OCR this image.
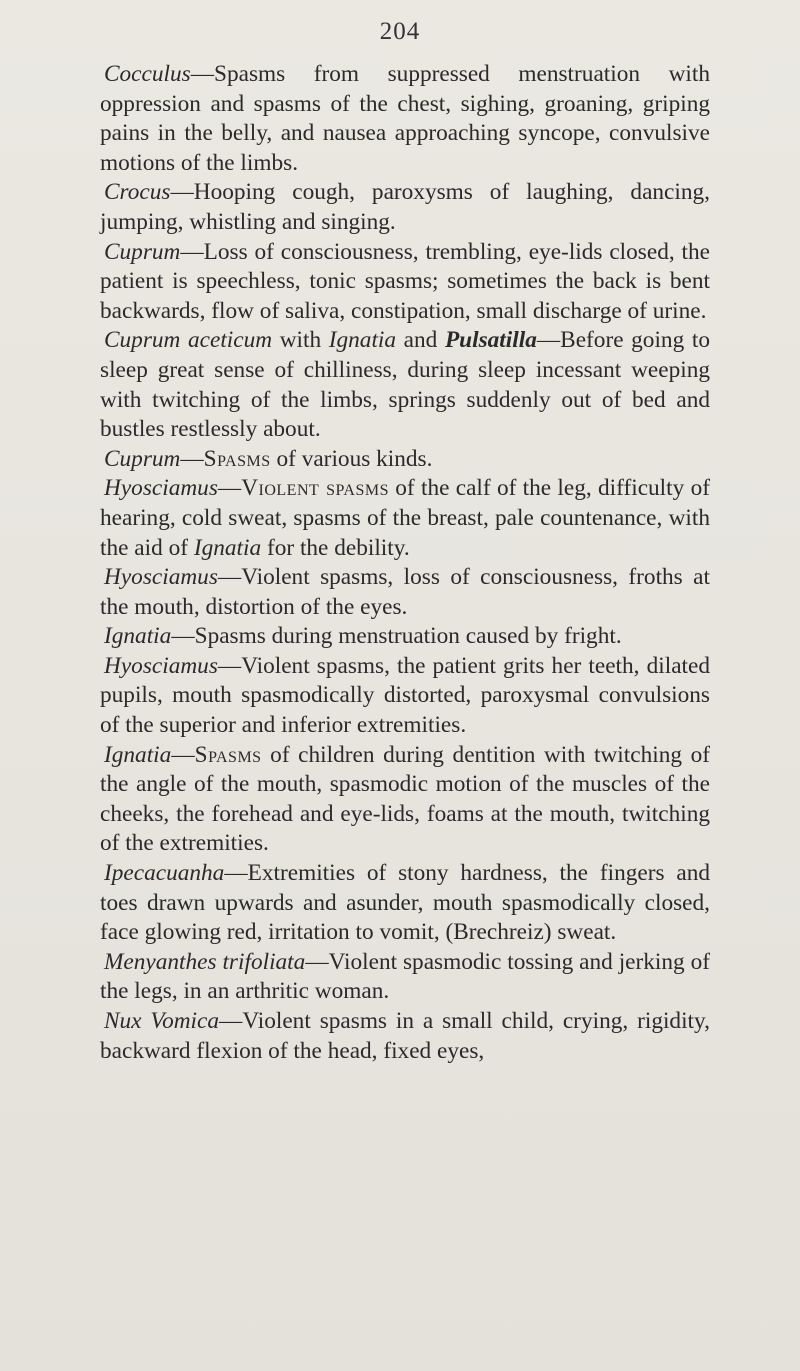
204

Cocculus—Spasms from suppressed menstruation with oppression and spasms of the chest, sighing, groaning, griping pains in the belly, and nausea approaching syncope, convulsive motions of the limbs.

Crocus—Hooping cough, paroxysms of laughing, dancing, jumping, whistling and singing.

Cuprum—Loss of consciousness, trembling, eye-lids closed, the patient is speechless, tonic spasms; sometimes the back is bent backwards, flow of saliva, constipation, small discharge of urine.

Cuprum aceticum with Ignatia and Pulsatilla—Before going to sleep great sense of chilliness, during sleep incessant weeping with twitching of the limbs, springs suddenly out of bed and bustles restlessly about.

Cuprum—Spasms of various kinds.

Hyosciamus—Violent spasms of the calf of the leg, difficulty of hearing, cold sweat, spasms of the breast, pale countenance, with the aid of Ignatia for the debility.

Hyosciamus—Violent spasms, loss of consciousness, froths at the mouth, distortion of the eyes.

Ignatia—Spasms during menstruation caused by fright.

Hyosciamus—Violent spasms, the patient grits her teeth, dilated pupils, mouth spasmodically distorted, paroxysmal convulsions of the superior and inferior extremities.

Ignatia—Spasms of children during dentition with twitching of the angle of the mouth, spasmodic motion of the muscles of the cheeks, the forehead and eye-lids, foams at the mouth, twitching of the extremities.

Ipecacuanha—Extremities of stony hardness, the fingers and toes drawn upwards and asunder, mouth spasmodically closed, face glowing red, irritation to vomit, (Brechreiz) sweat.

Menyanthes trifoliata—Violent spasmodic tossing and jerking of the legs, in an arthritic woman.

Nux Vomica—Violent spasms in a small child, crying, rigidity, backward flexion of the head, fixed eyes,
